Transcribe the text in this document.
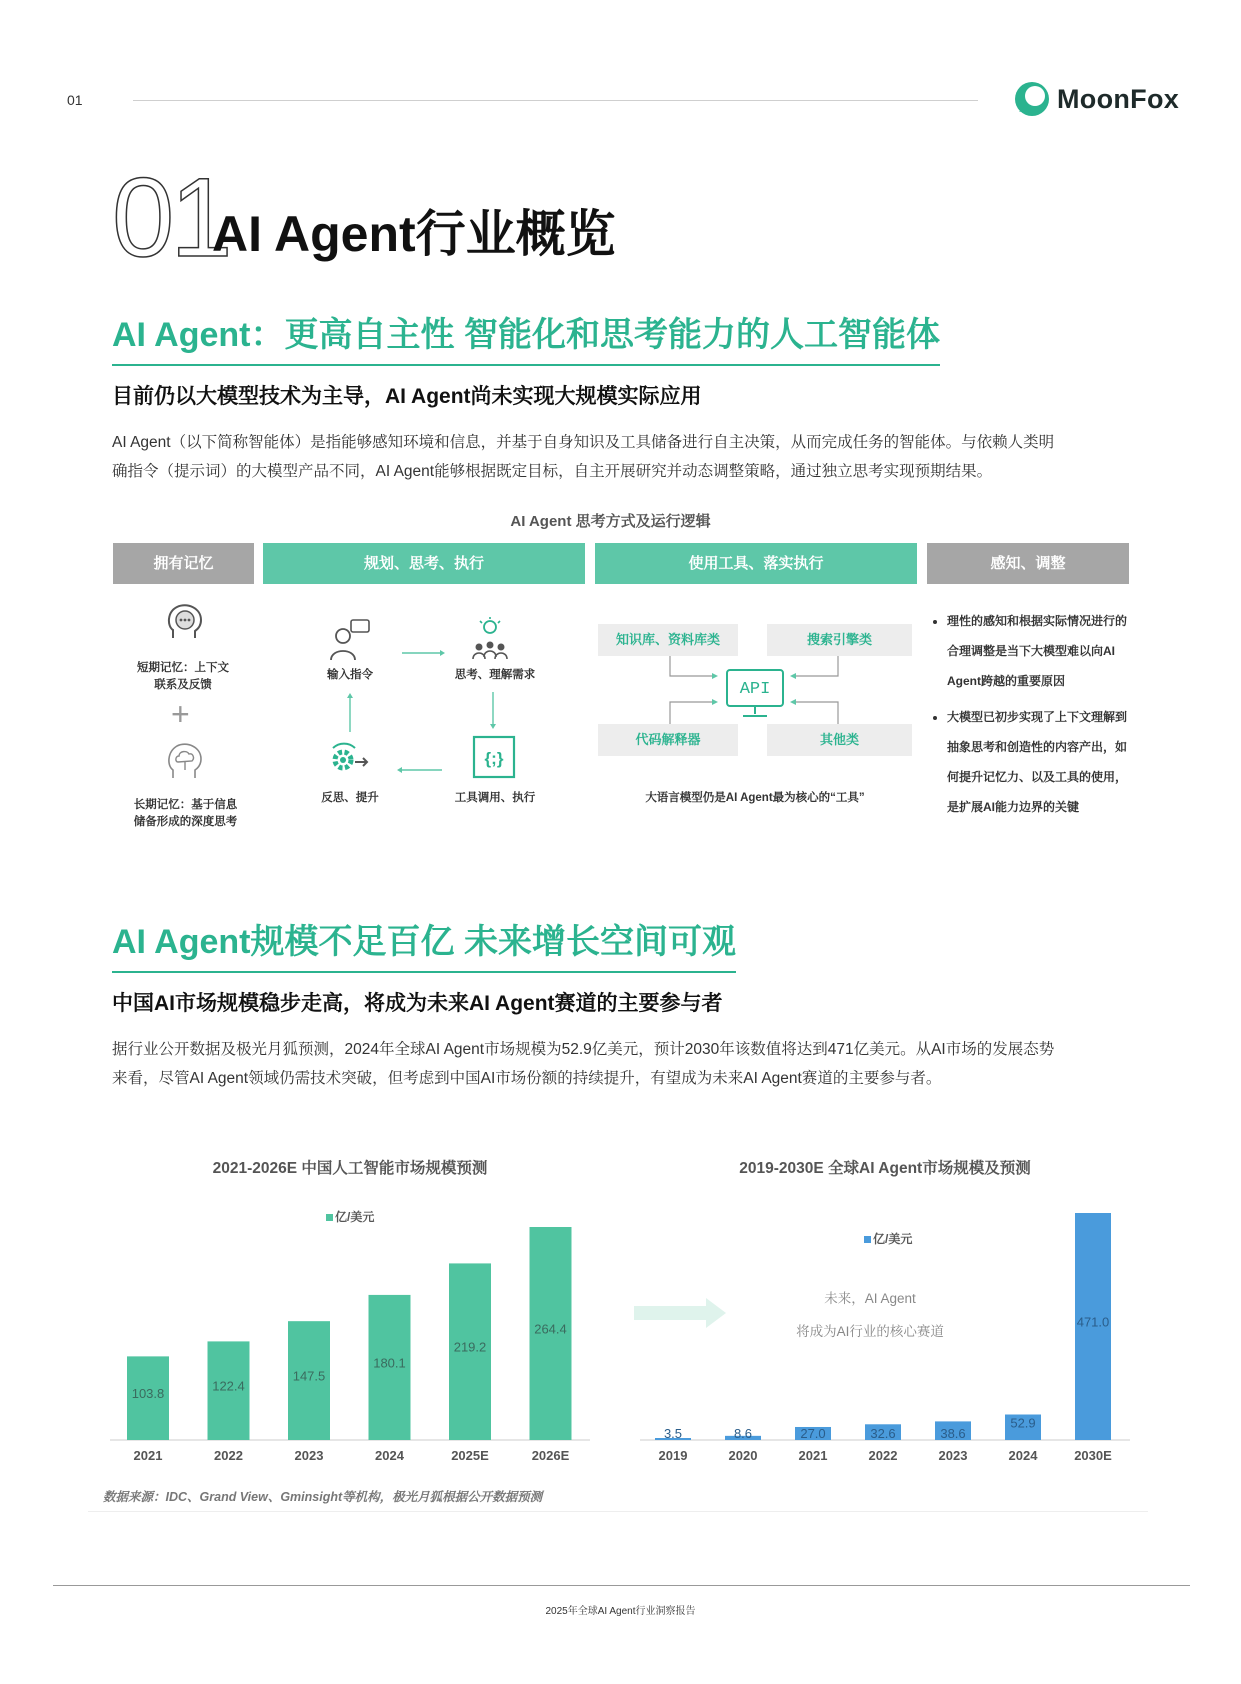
01	MoonFox
01
AI Agent行业概览
AI Agent：更高自主性 智能化和思考能力的人工智能体
目前仍以大模型技术为主导，AI Agent尚未实现大规模实际应用
AI Agent（以下简称智能体）是指能够感知环境和信息，并基于自身知识及工具储备进行自主决策，从而完成任务的智能体。与依赖人类明
确指令（提示词）的大模型产品不同，AI Agent能够根据既定目标，自主开展研究并动态调整策略，通过独立思考实现预期结果。
AI Agent 思考方式及运行逻辑
拥有记忆	规划、思考、执行	使用工具、落实执行	感知、调整
短期记忆：上下文
联系及反馈
+
长期记忆：基于信息
储备形成的深度思考
输入指令	思考、理解需求
反思、提升
{;}
工具调用、执行
知识库、资料库类	搜索引擎类
代码解释器	其他类
API
大语言模型仍是AI Agent最为核心的“工具”
• 理性的感知和根据实际情况进行的合理调整是当下大模型难以向AI Agent跨越的重要原因
• 大模型已初步实现了上下文理解到抽象思考和创造性的内容产出，如何提升记忆力、以及工具的使用，是扩展AI能力边界的关键
AI Agent规模不足百亿 未来增长空间可观
中国AI市场规模稳步走高，将成为未来AI Agent赛道的主要参与者
据行业公开数据及极光月狐预测，2024年全球AI Agent市场规模为52.9亿美元，预计2030年该数值将达到471亿美元。从AI市场的发展态势
来看，尽管AI Agent领域仍需技术突破，但考虑到中国AI市场份额的持续提升，有望成为未来AI Agent赛道的主要参与者。
2021-2026E 中国人工智能市场规模预测
亿/美元
103.8
2021
122.4
2022
147.5
2023
180.1
2024
219.2
2025E
264.4
2026E
2019-2030E 全球AI Agent市场规模及预测
亿/美元
未来，AI Agent
将成为AI行业的核心赛道
3.5
2019
8.6
2020
27.0
2021
32.6
2022
38.6
2023
52.9
2024
471.0
2030E
数据来源：IDC、Grand View、Gminsight等机构，极光月狐根据公开数据预测
2025年全球AI Agent行业洞察报告
